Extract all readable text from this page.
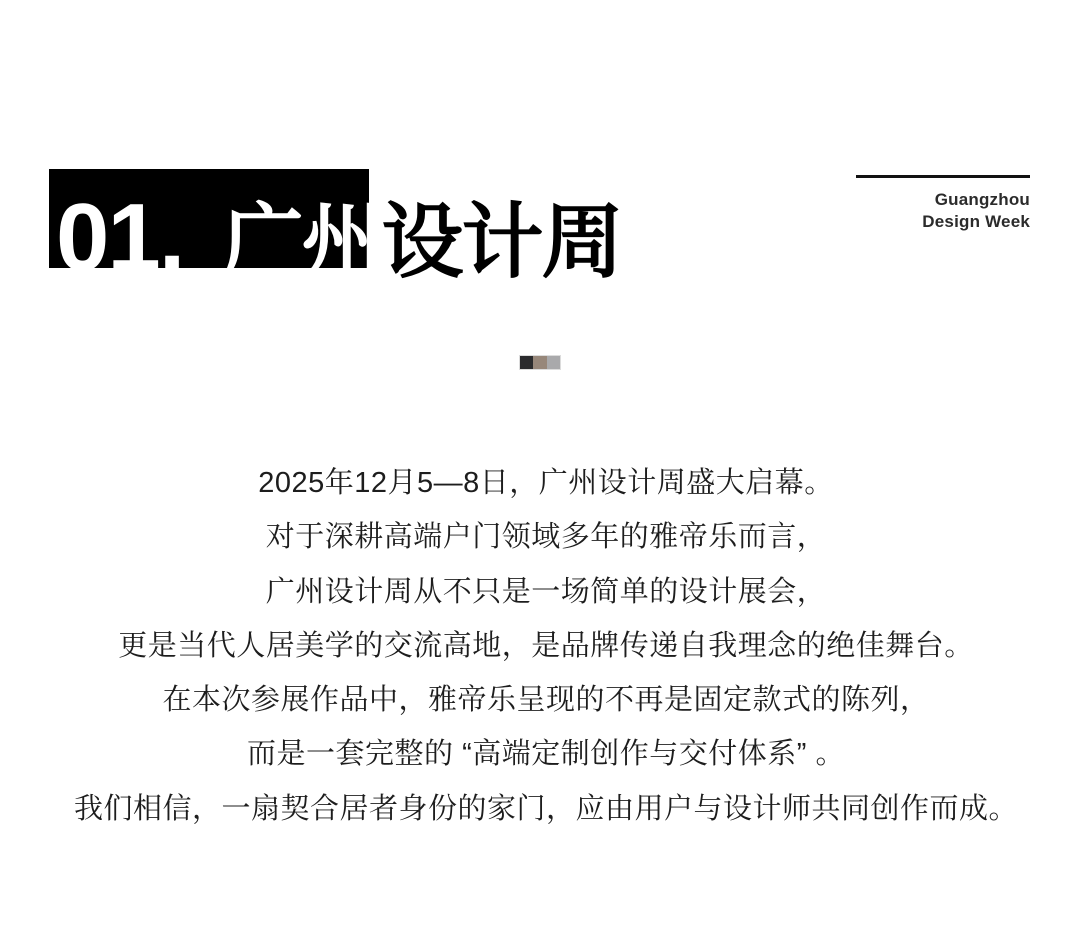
01. 广州设计周	Guangzhou
Design Week
2025年12月5—8日，广州设计周盛大启幕。
对于深耕高端户门领域多年的雅帝乐而言，
广州设计周从不只是一场简单的设计展会，
更是当代人居美学的交流高地，是品牌传递自我理念的绝佳舞台。
在本次参展作品中，雅帝乐呈现的不再是固定款式的陈列，
而是一套完整的 “高端定制创作与交付体系” 。
我们相信，一扇契合居者身份的家门，应由用户与设计师共同创作而成。
